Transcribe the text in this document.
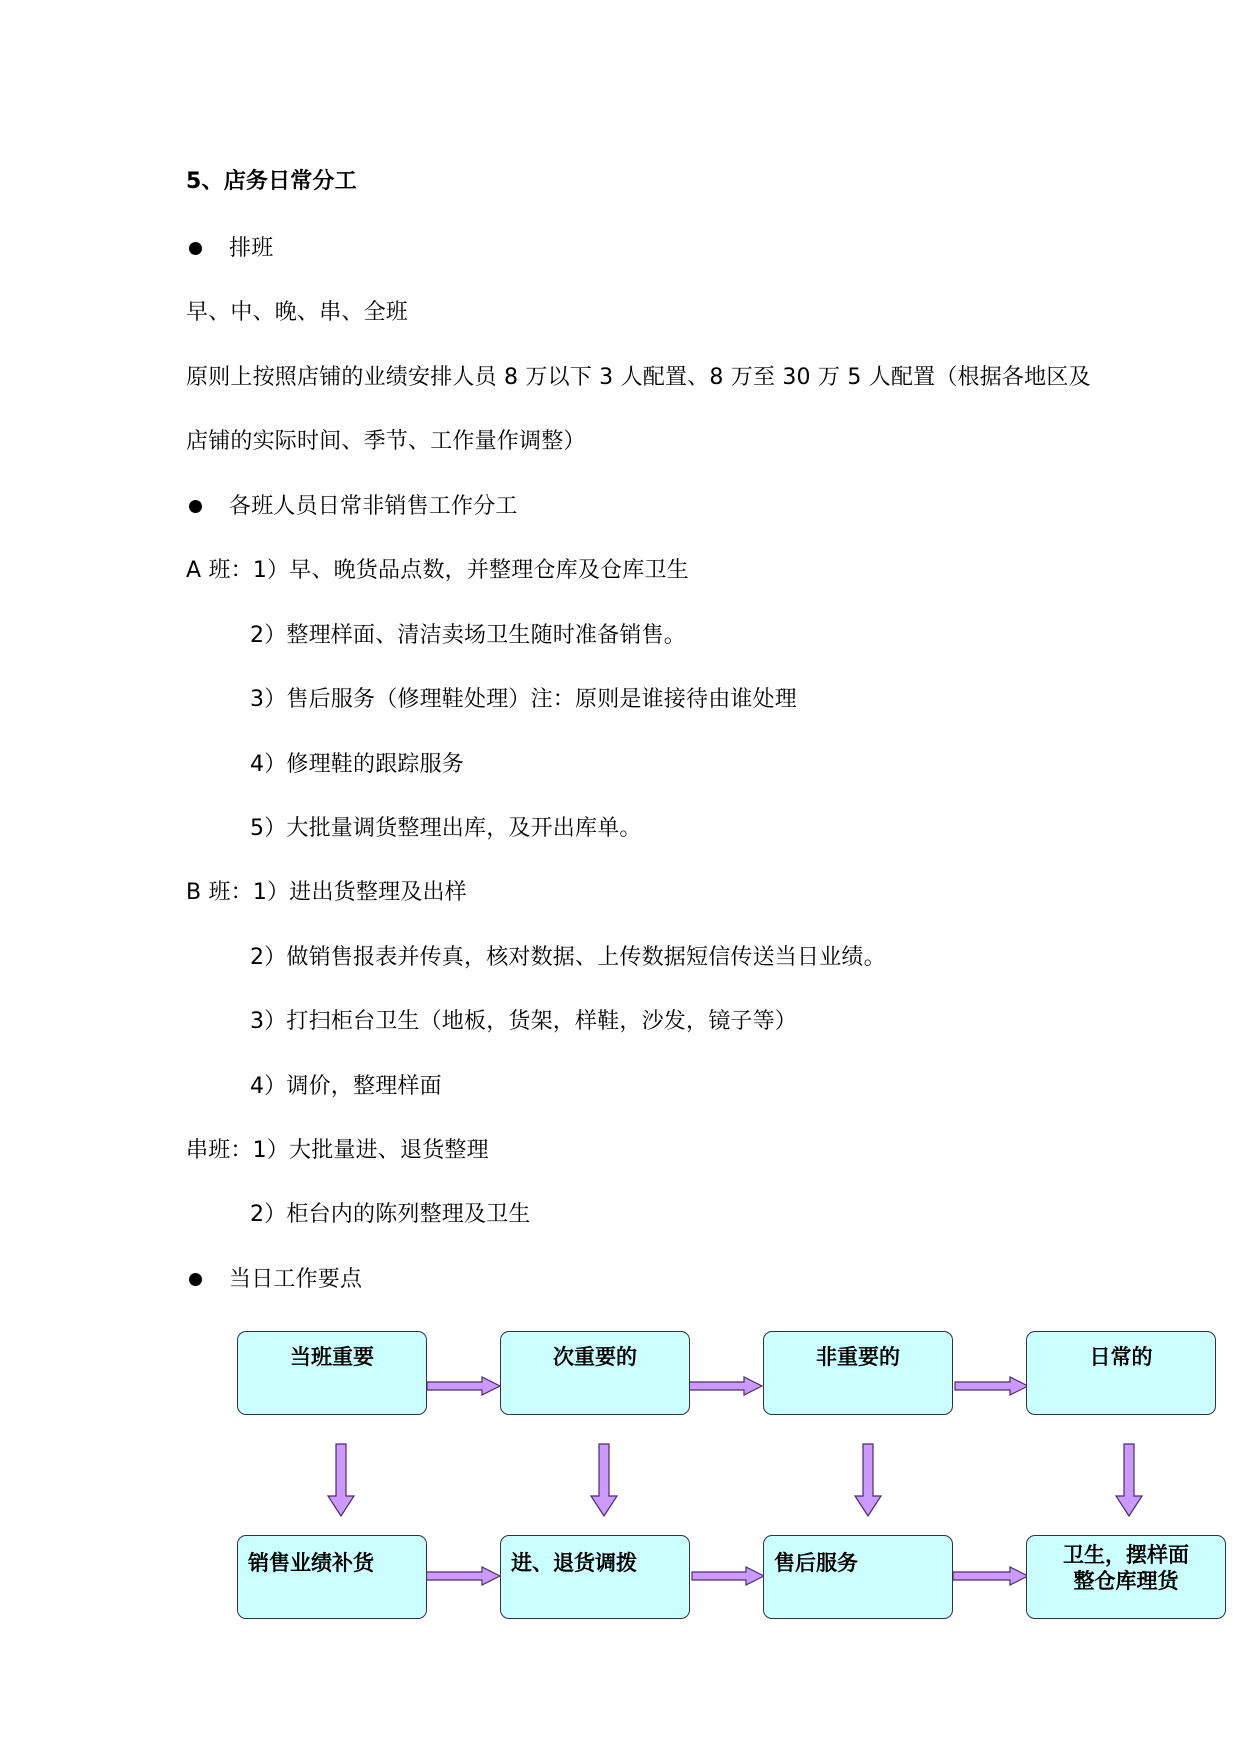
5、店务日常分工
排班
早、中、晚、串、全班
原则上按照店铺的业绩安排人员 8 万以下 3 人配置、8 万至 30 万 5 人配置（根据各地区及
店铺的实际时间、季节、工作量作调整）
各班人员日常非销售工作分工
A 班：1）早、晚货品点数，并整理仓库及仓库卫生
2）整理样面、清洁卖场卫生随时准备销售。
3）售后服务（修理鞋处理）注：原则是谁接待由谁处理
4）修理鞋的跟踪服务
5）大批量调货整理出库，及开出库单。
B 班：1）进出货整理及出样
2）做销售报表并传真，核对数据、上传数据短信传送当日业绩。
3）打扫柜台卫生（地板，货架，样鞋，沙发，镜子等）
4）调价，整理样面
串班：1）大批量进、退货整理
2）柜台内的陈列整理及卫生
当日工作要点
当班重要	次重要的	非重要的	日常的
销售业绩补货	进、退货调拨	售后服务	卫生，摆样面
整仓库理货
